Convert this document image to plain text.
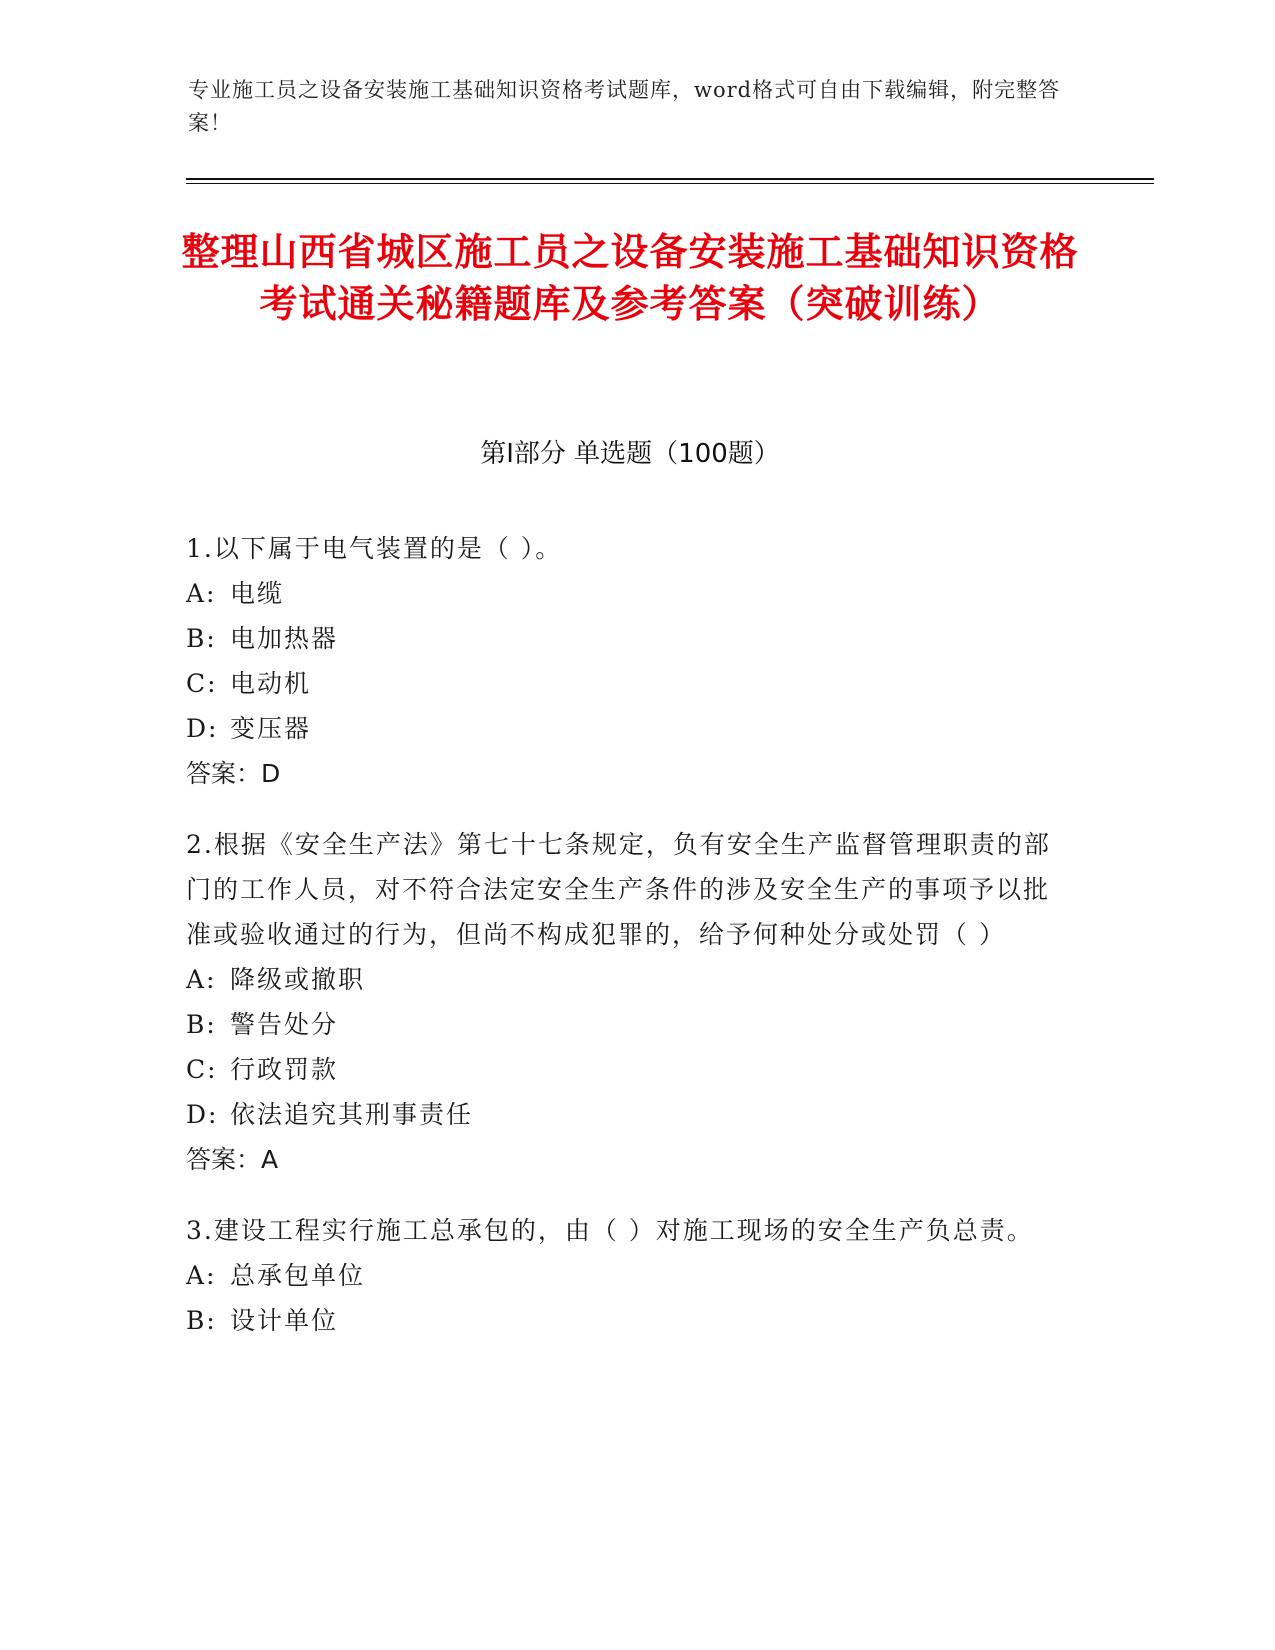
专业施工员之设备安装施工基础知识资格考试题库，word格式可自由下载编辑，附完整答案！
整理山西省城区施工员之设备安装施工基础知识资格考试通关秘籍题库及参考答案（突破训练）
第Ⅰ部分 单选题（100题）

1.以下属于电气装置的是（ ）。

A: 电缆

B: 电加热器

C: 电动机

D: 变压器

答案：D

2.根据《安全生产法》第七十七条规定，负有安全生产监督管理职责的部门的工作人员，对不符合法定安全生产条件的涉及安全生产的事项予以批准或验收通过的行为，但尚不构成犯罪的，给予何种处分或处罚（ ）

A: 降级或撤职

B: 警告处分

C: 行政罚款

D: 依法追究其刑事责任

答案：A

3.建设工程实行施工总承包的，由（ ）对施工现场的安全生产负总责。

A: 总承包单位

B: 设计单位
